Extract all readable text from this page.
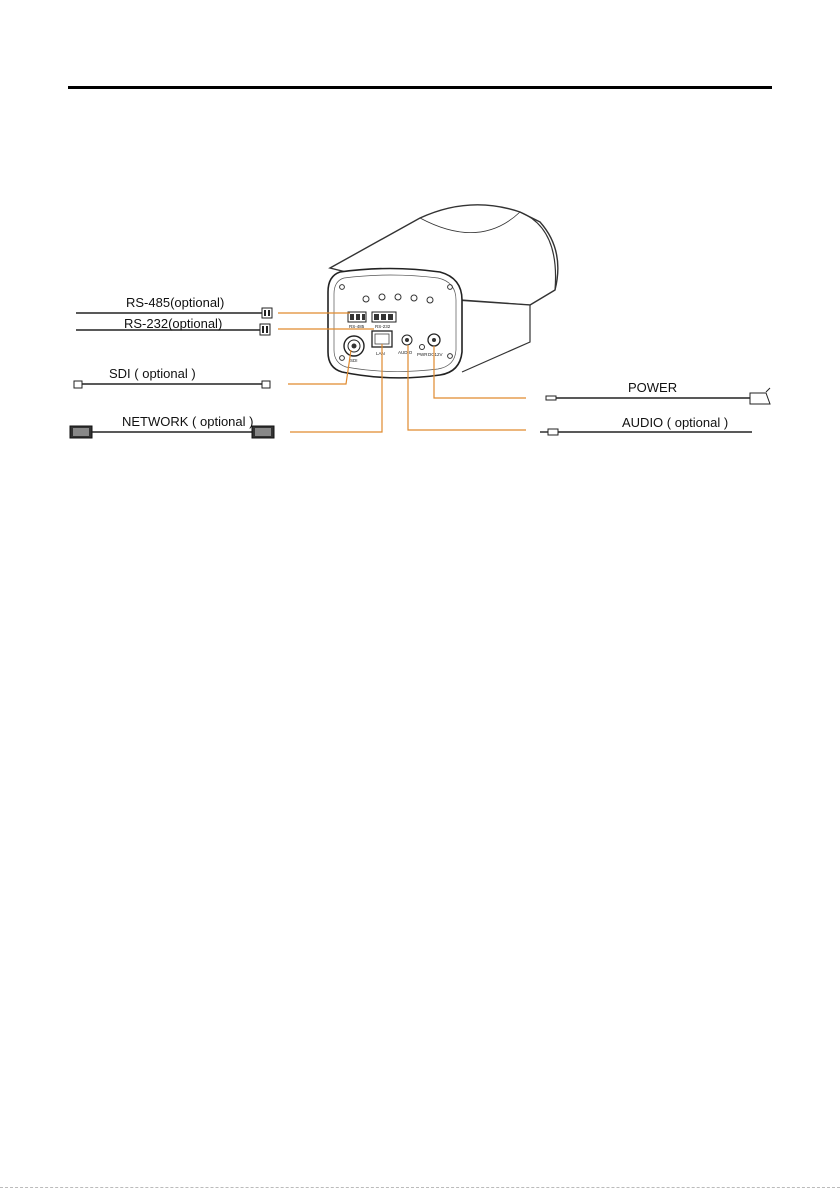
RS-485 RS-232
SDI
LAN	AUDIO PWR DC12V
RS-485(optional)
RS-232(optional)
SDI ( optional )
NETWORK ( optional )
POWER
AUDIO ( optional )
